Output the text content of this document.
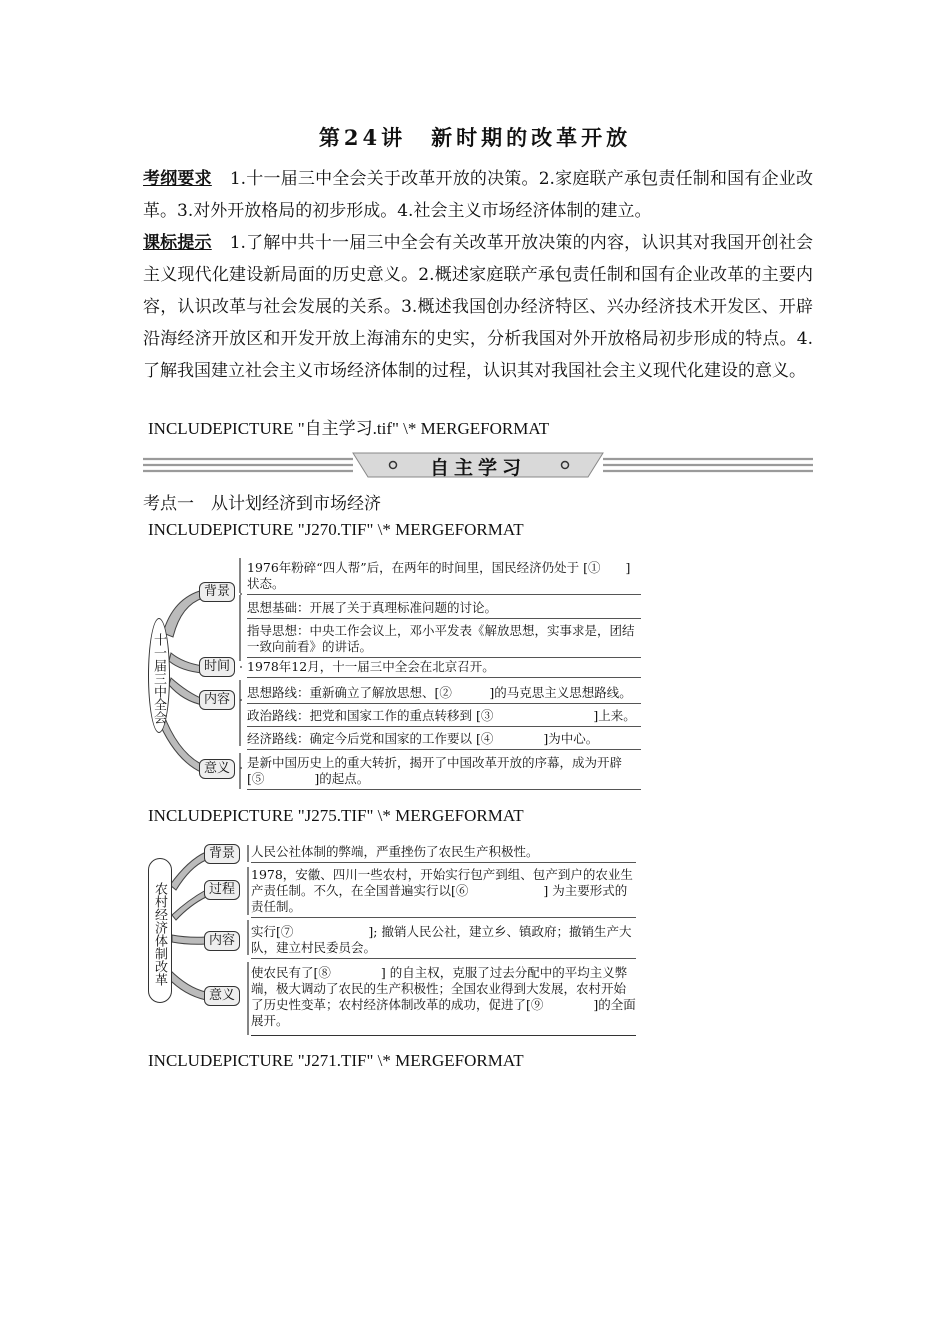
第24讲　新时期的改革开放
考纲要求 1.十一届三中全会关于改革开放的决策。2.家庭联产承包责任制和国有企业改革。3.对外开放格局的初步形成。4.社会主义市场经济体制的建立。
课标提示 1.了解中共十一届三中全会有关改革开放决策的内容，认识其对我国开创社会主义现代化建设新局面的历史意义。2.概述家庭联产承包责任制和国有企业改革的主要内容，认识改革与社会发展的关系。3.概述我国创办经济特区、兴办经济技术开发区、开辟沿海经济开放区和开发开放上海浦东的史实，分析我国对外开放格局初步形成的特点。4.了解我国建立社会主义市场经济体制的过程，认识其对我国社会主义现代化建设的意义。
INCLUDEPICTURE "自主学习.tif" \* MERGEFORMAT
自主学习
考点一　从计划经济到市场经济
INCLUDEPICTURE "J270.TIF" \* MERGEFORMAT
十一届三中全会
背景
时间
内容
意义
1976年粉碎“四人帮”后，在两年的时间里，国民经济仍处于 [①　　]状态。
思想基础：开展了关于真理标准问题的讨论。
指导思想：中央工作会议上，邓小平发表《解放思想，实事求是，团结一致向前看》的讲话。
1978年12月，十一届三中全会在北京召开。
思想路线：重新确立了解放思想、[②　　　]的马克思主义思想路线。
政治路线：把党和国家工作的重点转移到 [③　　　　　　　　]上来。
经济路线：确定今后党和国家的工作要以 [④　　　　]为中心。
是新中国历史上的重大转折，揭开了中国改革开放的序幕，成为开辟[⑤　　　　]的起点。
INCLUDEPICTURE "J275.TIF" \* MERGEFORMAT
农村经济体制改革
背景
过程
内容
意义
人民公社体制的弊端，严重挫伤了农民生产积极性。
1978，安徽、四川一些农村，开始实行包产到组、包产到户的农业生产责任制。不久，在全国普遍实行以[⑥　　　　　　] 为主要形式的责任制。
实行[⑦　　　　　　]; 撤销人民公社，建立乡、镇政府；撤销生产大队，建立村民委员会。
使农民有了[⑧　　　　] 的自主权，克服了过去分配中的平均主义弊端，极大调动了农民的生产积极性；全国农业得到大发展，农村开始了历史性变革；农村经济体制改革的成功，促进了[⑨　　　　]的全面展开。
INCLUDEPICTURE "J271.TIF" \* MERGEFORMAT
